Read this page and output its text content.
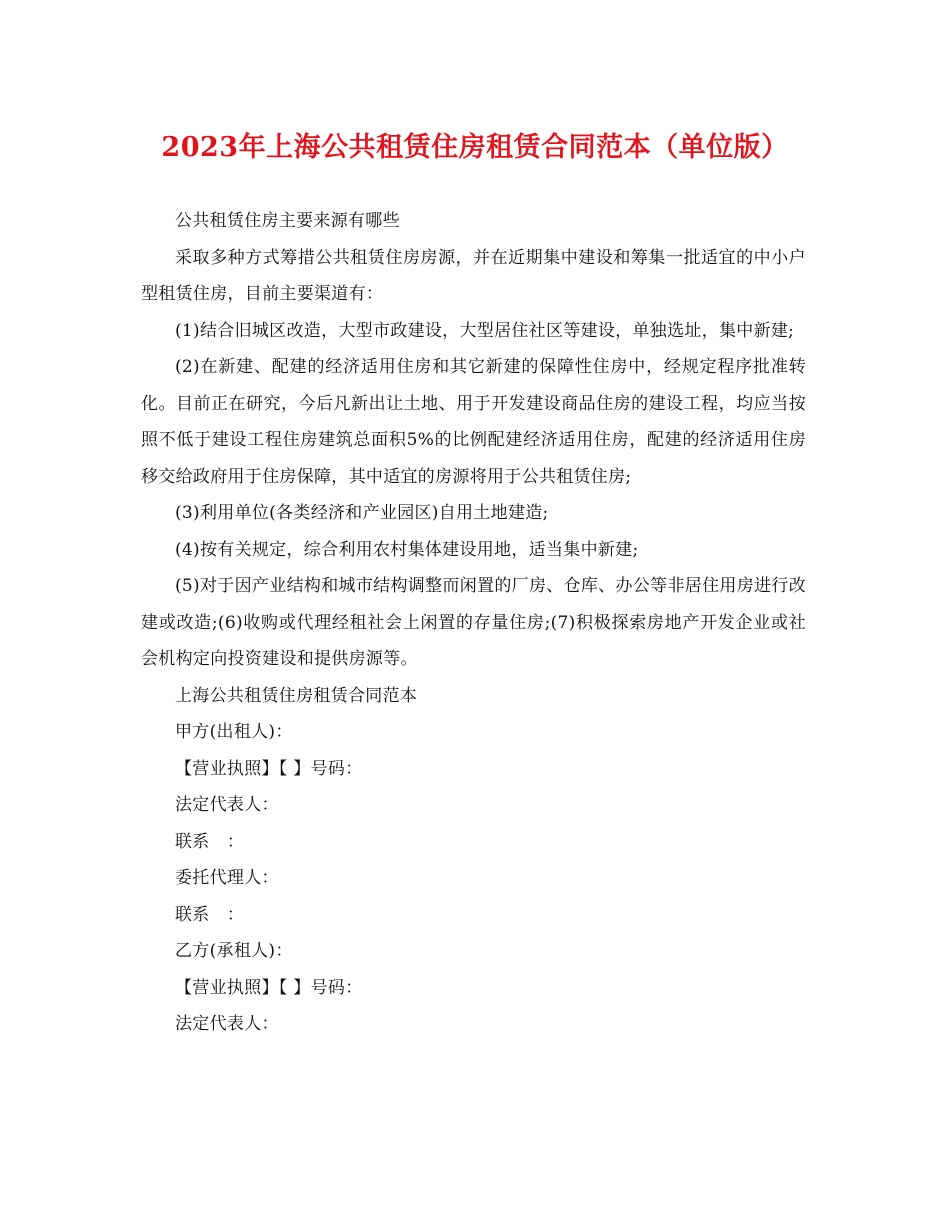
2023年上海公共租赁住房租赁合同范本（单位版）

公共租赁住房主要来源有哪些

采取多种方式筹措公共租赁住房房源，并在近期集中建设和筹集一批适宜的中小户型租赁住房，目前主要渠道有：

(1)结合旧城区改造，大型市政建设，大型居住社区等建设，单独选址，集中新建;

(2)在新建、配建的经济适用住房和其它新建的保障性住房中，经规定程序批准转化。目前正在研究，今后凡新出让土地、用于开发建设商品住房的建设工程，均应当按照不低于建设工程住房建筑总面积5%的比例配建经济适用住房，配建的经济适用住房移交给政府用于住房保障，其中适宜的房源将用于公共租赁住房;

(3)利用单位(各类经济和产业园区)自用土地建造;

(4)按有关规定，综合利用农村集体建设用地，适当集中新建;

(5)对于因产业结构和城市结构调整而闲置的厂房、仓库、办公等非居住用房进行改建或改造;(6)收购或代理经租社会上闲置的存量住房;(7)积极探索房地产开发企业或社会机构定向投资建设和提供房源等。

上海公共租赁住房租赁合同范本

甲方(出租人)：

【营业执照】【 】号码：

法定代表人：

联系　：

委托代理人：

联系　：

乙方(承租人)：

【营业执照】【 】号码：

法定代表人：
